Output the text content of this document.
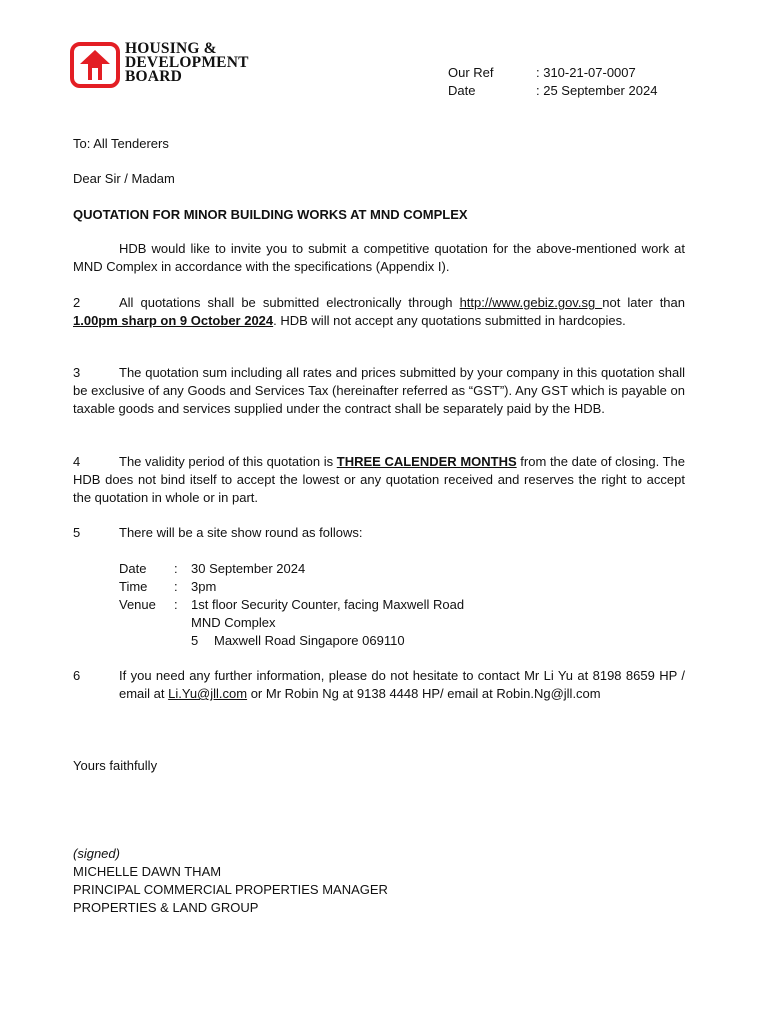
HOUSING &
DEVELOPMENT
BOARD	Our Ref	: 310-21-07-0007
Date	: 25 September 2024
To: All Tenderers
Dear Sir / Madam
QUOTATION FOR MINOR BUILDING WORKS AT MND COMPLEX
HDB would like to invite you to submit a competitive quotation for the above-mentioned work at MND Complex in accordance with the specifications (Appendix I).
2	All quotations shall be submitted electronically through http://www.gebiz.gov.sg not later than 1.00pm sharp on 9 October 2024. HDB will not accept any quotations submitted in hardcopies.
3	The quotation sum including all rates and prices submitted by your company in this quotation shall be exclusive of any Goods and Services Tax (hereinafter referred as “GST”). Any GST which is payable on taxable goods and services supplied under the contract shall be separately paid by the HDB.
4	The validity period of this quotation is THREE CALENDER MONTHS from the date of closing. The HDB does not bind itself to accept the lowest or any quotation received and reserves the right to accept the quotation in whole or in part.
5	There will be a site show round as follows:
Date	:	30 September 2024
Time	:	3pm
Venue	:	1st floor Security Counter, facing Maxwell Road
MND Complex
5	Maxwell Road Singapore 069110
6	If you need any further information, please do not hesitate to contact Mr Li Yu at 8198 8659 HP / email at Li.Yu@jll.com or Mr Robin Ng at 9138 4448 HP/ email at Robin.Ng@jll.com
Yours faithfully
(signed)
MICHELLE DAWN THAM
PRINCIPAL COMMERCIAL PROPERTIES MANAGER
PROPERTIES & LAND GROUP
